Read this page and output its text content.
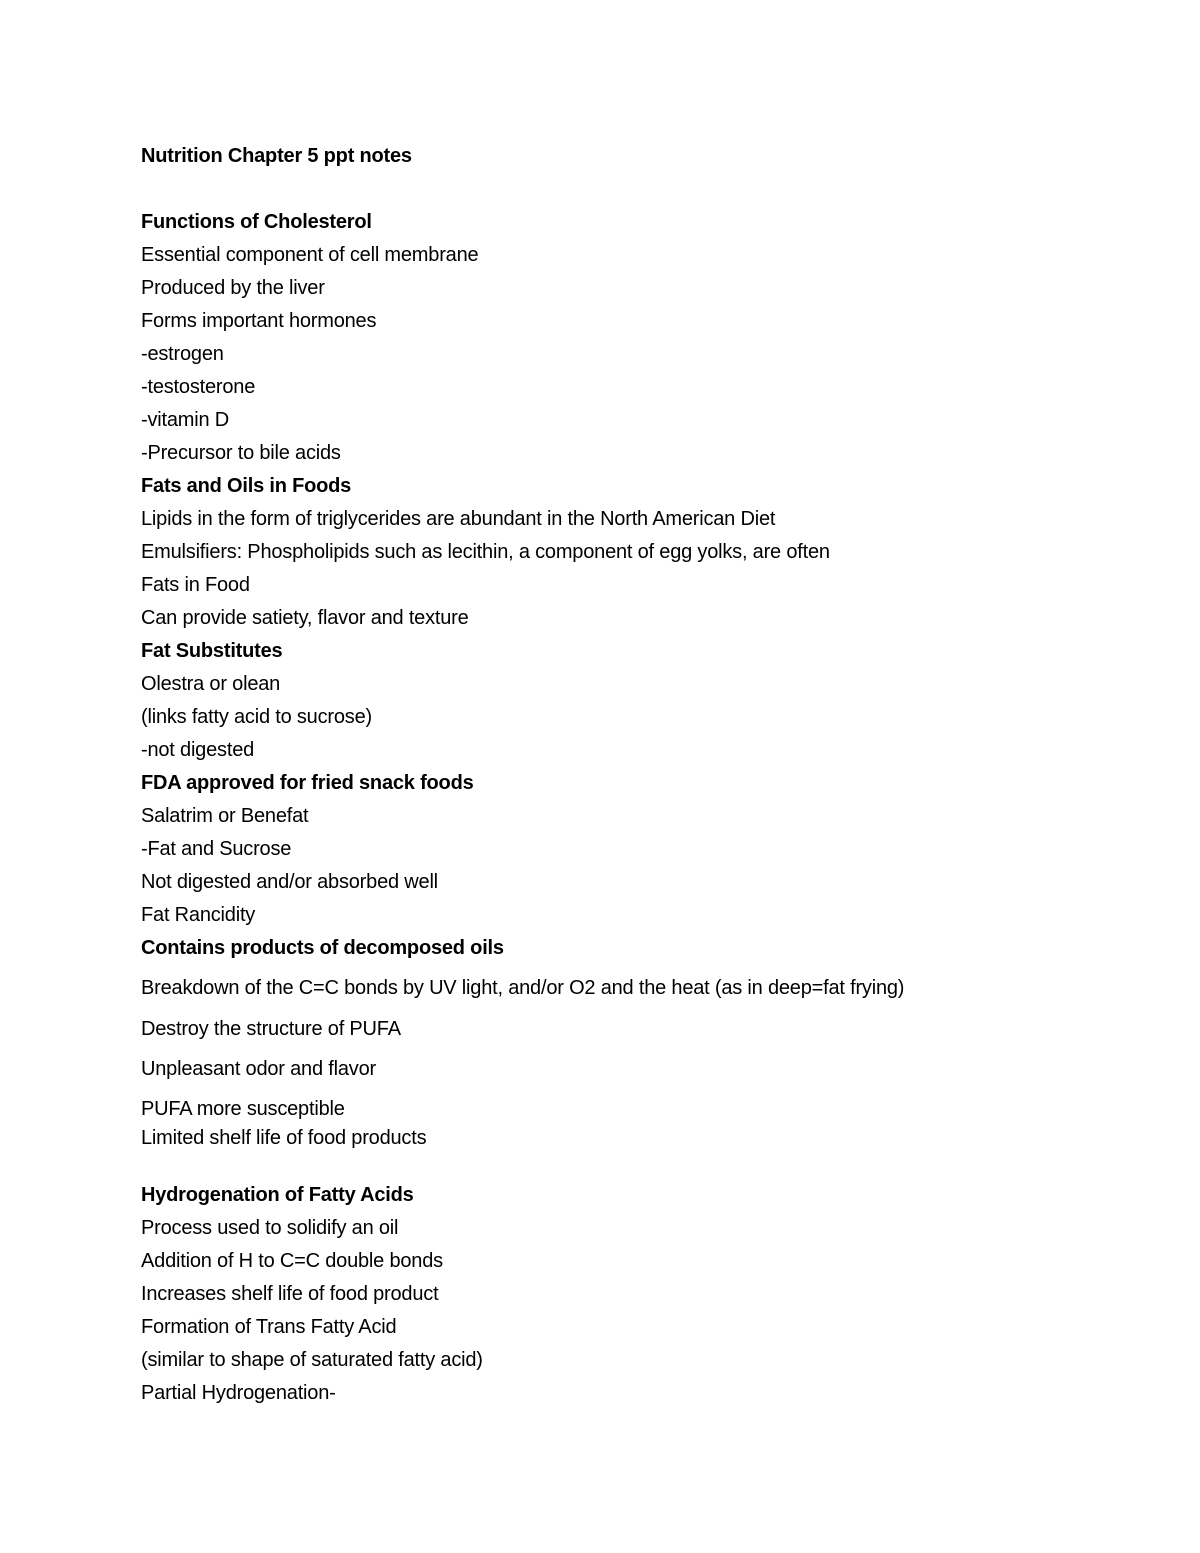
Nutrition Chapter 5 ppt notes
Functions of Cholesterol
Essential component of cell membrane
Produced by the liver
Forms important hormones
-estrogen
-testosterone
-vitamin D
-Precursor to bile acids
Fats and Oils in Foods
Lipids in the form of triglycerides are abundant in the North American Diet
Emulsifiers: Phospholipids such as lecithin, a component of egg yolks, are often
Fats in Food
Can provide satiety, flavor and texture
Fat Substitutes
Olestra or olean
(links fatty acid to sucrose)
-not digested
FDA approved for fried snack foods
Salatrim or Benefat
-Fat and Sucrose
Not digested and/or absorbed well
Fat Rancidity
Contains products of decomposed oils
Breakdown of the C=C bonds by UV light, and/or O2 and the heat (as in deep=fat frying)
Destroy the structure of PUFA
Unpleasant odor and flavor
PUFA more susceptible
Limited shelf life of food products
Hydrogenation of Fatty Acids
Process used to solidify an oil
Addition of H to C=C double bonds
Increases shelf life of food product
Formation of Trans Fatty Acid
(similar to shape of saturated fatty acid)
Partial Hydrogenation-
